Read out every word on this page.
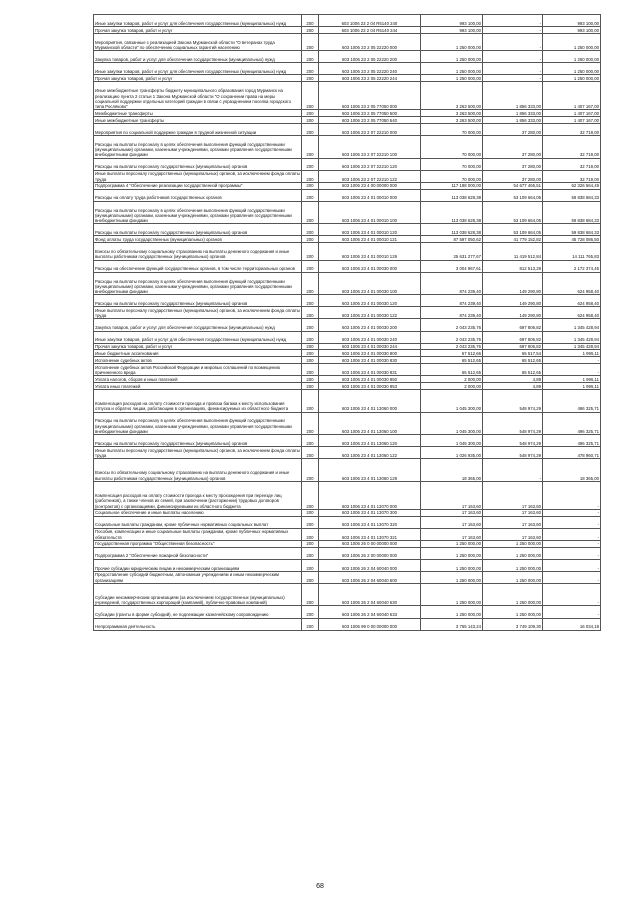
Иные закупки товаров, работ и услуг для обеспечения государственных (муниципальных) нужд	200	603 1006 23 2 04 R5140 240	993 100,00	-	993 100,00
Прочая закупка товаров, работ и услуг	200	603 1006 23 2 04 R5140 244	993 100,00	-	993 100,00
Мероприятия, связанные с реализацией Закона Мурманской области "О ветеранах труда Мурманской области" по обеспечению социальных гарантий населению	200	603 1006 23 2 05 22220 000	1 250 000,00	-	1 250 000,00
Закупка товаров, работ и услуг для обеспечения государственных (муниципальных) нужд	200	603 1006 23 2 05 22220 200	1 250 000,00	-	1 250 000,00
Иные закупки товаров, работ и услуг для обеспечения государственных (муниципальных) нужд	200	603 1006 23 2 05 22220 240	1 250 000,00	-	1 250 000,00
Прочая закупка товаров, работ и услуг	200	603 1006 23 2 05 22220 244	1 250 000,00	-	1 250 000,00
Иные межбюджетные трансферты бюджету муниципального образования город Мурманск на реализацию пункта 2 статьи 1 Закона Мурманской области "О сохранении права на меры социальной поддержки отдельных категорий граждан в связи с упразднением поселка городского типа Росляково"	200	603 1006 23 2 05 77050 000	3 263 500,00	1 856 333,00	1 407 167,00
Межбюджетные трансферты	200	603 1006 23 2 05 77050 500	3 263 500,00	1 856 333,00	1 407 167,00
Иные межбюджетные трансферты	200	603 1006 23 2 05 77050 540	3 263 500,00	1 856 333,00	1 407 167,00
Мероприятия по социальной поддержке граждан в трудной жизненной ситуации	200	603 1006 23 2 07 22210 000	70 000,00	37 280,00	32 719,00
Расходы на выплаты персоналу в целях обеспечения выполнения функций государственными (муниципальными) органами, казенными учреждениями, органами управления государственными внебюджетными фондами	200	603 1006 23 2 07 22210 100	70 000,00	37 280,00	32 719,00
Расходы на выплаты персоналу государственных (муниципальных) органов	200	603 1006 23 2 07 22210 120	70 000,00	37 280,00	32 719,00
Иные выплаты персоналу государственных (муниципальных) органов, за исключением фонда оплаты труда	200	603 1006 23 2 07 22210 122	70 000,00	37 280,00	32 719,00
Подпрограмма 4 "Обеспечение реализации государственной программы"	200	603 1006 23 4 00 00000 000	117 188 000,00	54 677 465,51	62 326 564,49
Расходы на оплату труда работников государственных органов	200	603 1006 23 4 01 00010 000	113 038 628,38	53 109 664,05	59 838 684,33
Расходы на выплаты персоналу в целях обеспечения выполнения функций государственными (муниципальными) органами, казенными учреждениями, органами управления государственными внебюджетными фондами	200	603 1006 23 4 01 00010 100	113 038 628,38	53 109 664,05	59 838 684,33
Расходы на выплаты персоналу государственных (муниципальных) органов	200	603 1006 23 4 01 00010 120	113 038 628,38	53 109 664,05	59 838 684,33
Фонд оплаты труда государственных (муниципальных) органов	200	603 1006 23 4 01 00010 121	87 597 050,62	41 779 152,82	45 728 086,50
Взносы по обязательному социальному страхованию на выплаты денежного содержания и иные выплаты работникам государственных (муниципальных) органов	200	603 1006 23 4 01 00010 129	25 631 277,67	11 419 512,84	14 111 765,83
Расходы на обеспечение функций государственных органов, в том числе территориальных органов	200	603 1006 23 4 01 00030 000	3 004 967,61	812 513,29	2 172 374,45
Расходы на выплаты персоналу в целях обеспечения выполнения функций государственными (муниципальными) органами, казенными учреждениями, органами управления государственными внебюджетными фондами	200	603 1006 23 4 01 00030 100	874 239,40	149 290,80	624 958,40
Расходы на выплаты персоналу государственных (муниципальных) органов	200	603 1006 23 4 01 00030 120	874 239,40	149 290,80	624 958,40
Иные выплаты персоналу государственных (муниципальных) органов, за исключением фонда оплаты труда	200	603 1006 23 4 01 00030 122	874 239,40	149 290,80	624 958,40
Закупка товаров, работ и услуг для обеспечения государственных (муниципальных) нужд	200	603 1006 23 4 01 00030 200	2 043 235,76	697 806,82	1 345 428,94
Иные закупки товаров, работ и услуг для обеспечения государственных (муниципальных) нужд	200	603 1006 23 4 01 00030 240	2 043 235,76	697 806,82	1 345 428,94
Прочая закупка товаров, работ и услуг	200	603 1006 23 4 01 00030 244	2 043 235,76	697 806,82	1 345 428,94
Иные бюджетные ассигнования	200	603 1006 23 4 01 00030 800	67 512,66	65 517,54	1 995,11
Исполнение судебных актов	200	603 1006 23 4 01 00030 830	65 512,65	65 512,65	-
Исполнение судебных актов Российской Федерации и мировых соглашений по возмещению причиненного вреда	200	603 1006 23 4 01 00030 831	65 512,65	65 512,65	-
Уплата налогов, сборов и иных платежей	200	603 1006 23 4 01 00030 850	2 000,00	4,89	1 995,11
Уплата иных платежей	200	603 1006 23 4 01 00030 853	2 000,00	4,89	1 995,11
Компенсация расходов на оплату стоимости проезда и провоза багажа к месту использования отпуска и обратно лицам, работающим в организациях, финансируемых из областного бюджета	200	603 1006 23 4 01 13060 000	1 045 300,00	548 974,29	496 325,71
Расходы на выплаты персоналу в целях обеспечения выполнения функций государственными (муниципальными) органами, казенными учреждениями, органами управления государственными внебюджетными фондами	200	603 1006 23 4 01 13060 100	1 045 300,00	548 974,29	496 325,71
Расходы на выплаты персоналу государственных (муниципальных) органов	200	603 1006 23 4 01 13060 120	1 045 300,00	548 974,29	496 325,71
Иные выплаты персоналу государственных (муниципальных) органов, за исключением фонда оплаты труда	200	603 1006 23 4 01 13060 122	1 026 935,00	548 974,29	478 960,71
Взносы по обязательному социальному страхованию на выплаты денежного содержания и иные выплаты работникам государственных (муниципальных) органов	200	603 1006 23 4 01 13060 129	18 365,00	-	18 365,00
Компенсация расходов на оплату стоимости проезда к месту прохождения при переезде лиц (работников), а также членов их семей, при заключении (расторжении) трудовых договоров (контрактов) с организациями, финансируемыми из областного бюджета	200	603 1006 23 4 01 13070 000	17 163,60	17 163,60	-
Социальное обеспечение и иные выплаты населению	200	603 1006 23 4 01 13070 300	17 163,60	17 163,60	-
Социальные выплаты гражданам, кроме публичных нормативных социальных выплат	200	603 1006 23 4 01 13070 320	17 163,60	17 163,60	-
Пособия, компенсации и иные социальные выплаты гражданам, кроме публичных нормативных обязательств	200	603 1006 23 4 01 13070 321	17 163,60	17 163,60	-
Государственная программа "Общественная безопасность"	200	603 1006 26 0 00 00000 000	1 250 000,00	1 250 000,00	-
Подпрограмма 2 "Обеспечение пожарной безопасности"	200	603 1006 26 2 00 00000 000	1 250 000,00	1 250 000,00	-
Прочие субсидии юридическим лицам и некоммерческим организациям	200	603 1006 26 2 04 60040 000	1 250 000,00	1 250 000,00	-
Предоставление субсидий бюджетным, автономным учреждениям и иным некоммерческим организациям	200	603 1006 26 2 04 60040 600	1 250 000,00	1 250 000,00	-
Субсидии некоммерческим организациям (за исключением государственных (муниципальных) учреждений, государственных корпораций (компаний), публично-правовых компаний)	200	603 1006 26 2 04 60040 630	1 250 000,00	1 250 000,00	-
Субсидии (гранты в форме субсидий), не подлежащие казначейскому сопровождению	200	603 1006 26 2 04 60040 633	1 250 000,00	1 250 000,00	-
Непрограммная деятельность	200	603 1006 99 0 00 00000 000	3 765 143,24	3 749 109,30	16 034,18
68
